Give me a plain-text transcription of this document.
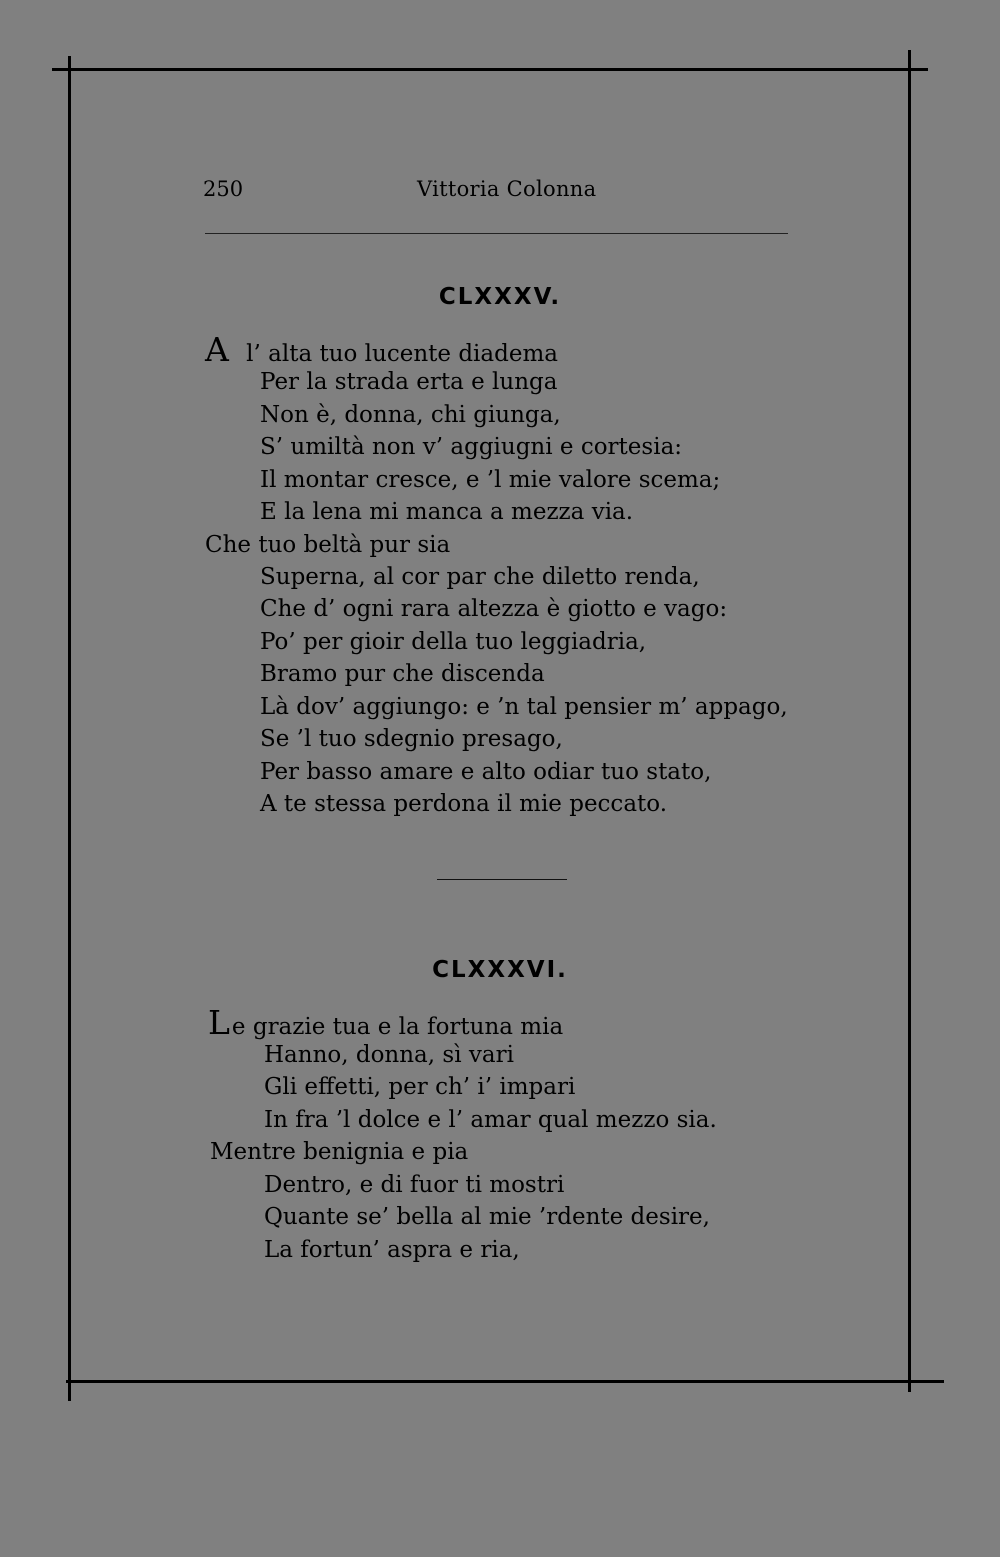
250	Vittoria Colonna
CLXXXV.
A l’ alta tuo lucente diadema
Per la strada erta e lunga
Non è, donna, chi giunga,
S’ umiltà non v’ aggiugni e cortesia:
Il montar cresce, e ’l mie valore scema;
E la lena mi manca a mezza via.
Che tuo beltà pur sia
Superna, al cor par che diletto renda,
Che d’ ogni rara altezza è giotto e vago:
Po’ per gioir della tuo leggiadria,
Bramo pur che discenda
Là dov’ aggiungo: e ’n tal pensier m’ appago,
Se ’l tuo sdegnio presago,
Per basso amare e alto odiar tuo stato,
A te stessa perdona il mie peccato.
CLXXXVI.
Le grazie tua e la fortuna mia
Hanno, donna, sì vari
Gli effetti, per ch’ i’ impari
In fra ’l dolce e l’ amar qual mezzo sia.
Mentre benignia e pia
Dentro, e di fuor ti mostri
Quante se’ bella al mie ’rdente desire,
La fortun’ aspra e ria,
